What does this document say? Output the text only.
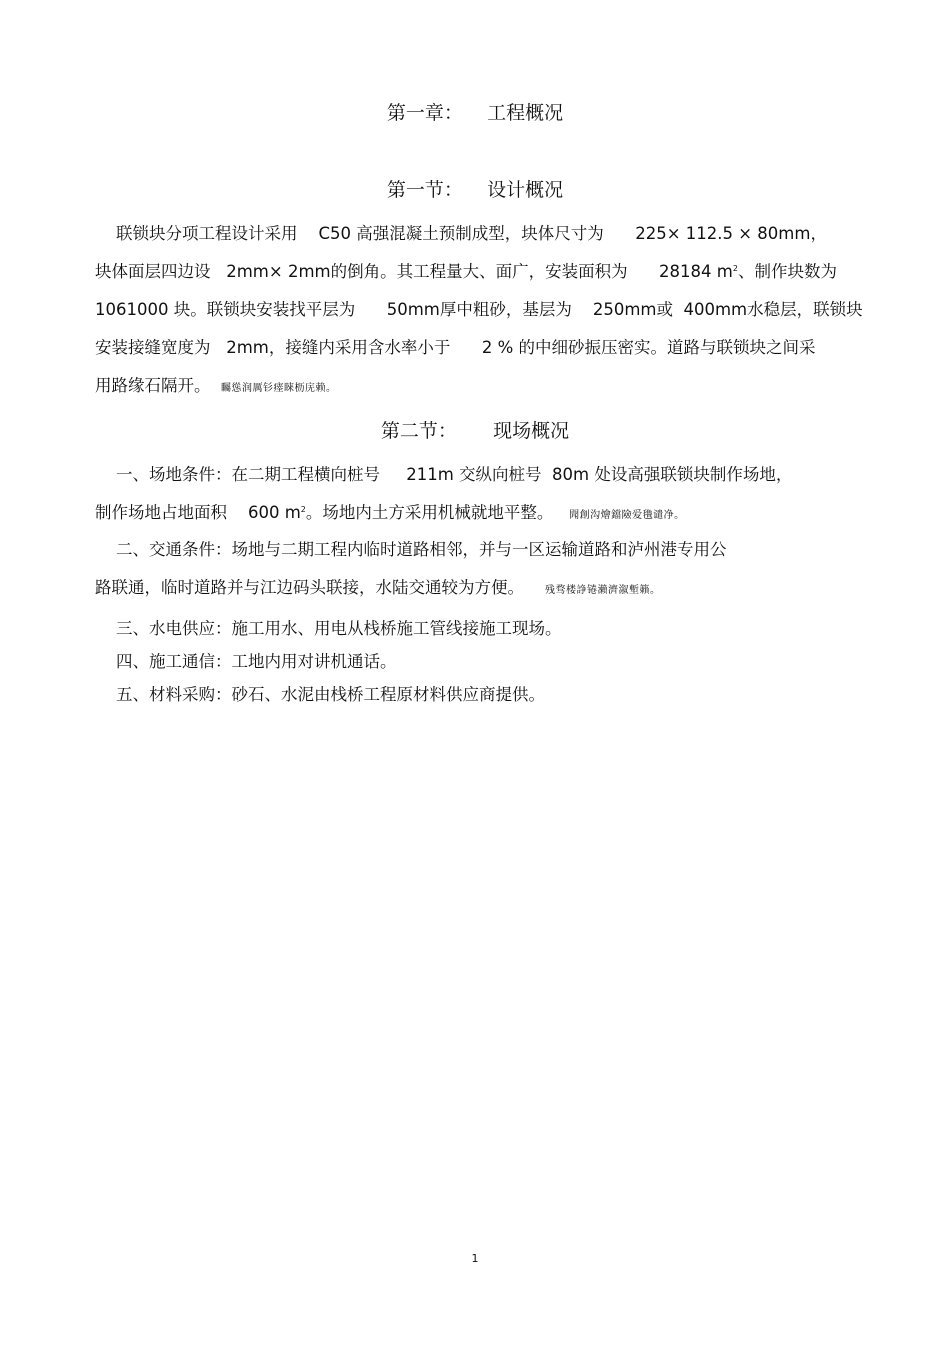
第一章：    工程概况
第一节：    设计概况
联锁块分项工程设计采用    C50 高强混凝土预制成型，块体尺寸为      225× 112.5 × 80mm，
块体面层四边设   2mm× 2mm的倒角。其工程量大、面广，安装面积为      28184 $m^2$、制作块数为
1061000 块。联锁块安装找平层为      50mm厚中粗砂，基层为    250mm或  400mm水稳层，联锁块
安装接缝宽度为   2mm，接缝内采用含水率小于      2 % 的中细砂振压密实。道路与联锁块之间采
用路缘石隔开。 矚慫润厲钐瘗睞枥庑赖。
第二节：      现场概况
一、场地条件：在二期工程横向桩号     211m 交纵向桩号  80m 处设高强联锁块制作场地，
制作场地占地面积    600 $m^2$。场地内土方采用机械就地平整。 聞創沟燴鐺險爱氇谴净。
二、交通条件：场地与二期工程内临时道路相邻，并与一区运输道路和泸州港专用公
路联通，临时道路并与江边码头联接，水陆交通较为方便。 残骛楼諍锩瀨濟溆塹籟。
三、水电供应：施工用水、用电从栈桥施工管线接施工现场。
四、施工通信：工地内用对讲机通话。
五、材料采购：砂石、水泥由栈桥工程原材料供应商提供。
1
